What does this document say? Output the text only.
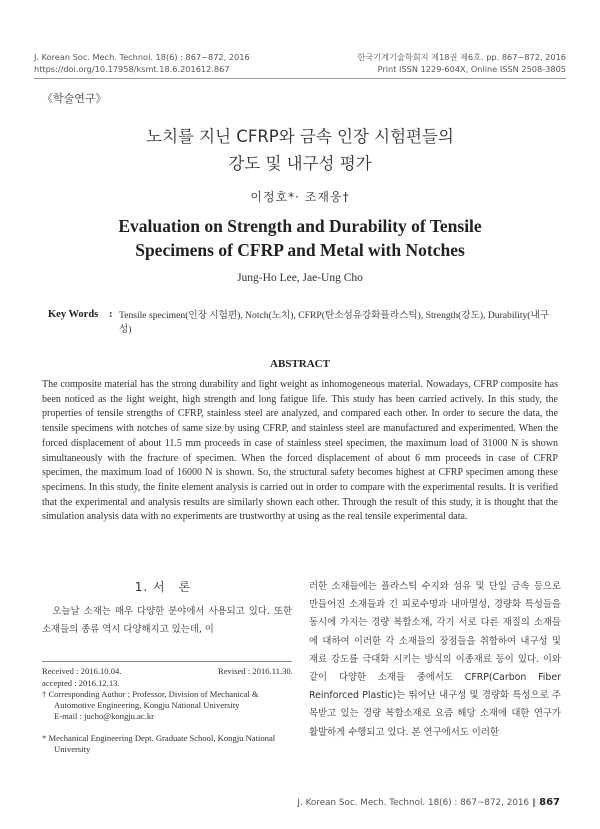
J. Korean Soc. Mech. Technol. 18(6) : 867~872, 2016
https://doi.org/10.17958/ksmt.18.6.201612.867
한국기계기술학회지 제18권 제6호. pp. 867~872, 2016
Print ISSN 1229-604X, Online ISSN 2508-3805
《학술연구》
노치를 지닌 CFRP와 금속 인장 시험편들의
강도 및 내구성 평가
이정호*· 조재웅†
Evaluation on Strength and Durability of Tensile
Specimens of CFRP and Metal with Notches
Jung-Ho Lee, Jae-Ung Cho
Key Words : Tensile specimen(인장 시험편), Notch(노치), CFRP(탄소섬유강화플라스틱), Strength(강도), Durability(내구성)
ABSTRACT
The composite material has the strong durability and light weight as inhomogeneous material. Nowadays, CFRP composite has been noticed as the light weight, high strength and long fatigue life. This study has been carried actively. In this study, the properties of tensile strengths of CFRP, stainless steel are analyzed, and compared each other. In order to secure the data, the tensile specimens with notches of same size by using CFRP, and stainless steel are manufactured and experimented. When the forced displacement of about 11.5 mm proceeds in case of stainless steel specimen, the maximum load of 31000 N is shown simultaneously with the fracture of specimen. When the forced displacement of about 6 mm proceeds in case of CFRP specimen, the maximum load of 16000 N is shown. So, the structural safety becomes highest at CFRP specimen among these specimens. In this study, the finite element analysis is carried out in order to compare with the experimental results. It is verified that the experimental and analysis results are similarly shown each other. Through the result of this study, it is thought that the simulation analysis data with no experiments are trustworthy at using as the real tensile experimental data.
1. 서　론
　오늘날 소재는 매우 다양한 분야에서 사용되고 있다. 또한 소재들의 종류 역시 다양해지고 있는데, 이
Received : 2016.10.04.	Revised : 2016.11.30.
accepted : 2016.12.13.
† Corresponding Author ; Professor, Division of Mechanical &
Automotive Engineering, Kongju National University
E-mail : jucho@kongju.ac.kr
* Mechanical Engineering Dept. Graduate School, Kongju National
University
러한 소재들에는 플라스틱 수지와 섬유 및 단일 금속 등으로 만들어진 소재들과 긴 피로수명과 내마멸성, 경량화 특성들을 동시에 가지는 경량 복합소재, 각기 서로 다른 재질의 소재들에 대하여 이러한 각 소재들의 장점들을 취합하여 내구성 및 재료 강도를 극대화 시키는 방식의 이종재료 등이 있다. 이와 같이 다양한 소재들 중에서도 CFRP(Carbon Fiber Reinforced Plastic)는 뛰어난 내구성 및 경량화 특성으로 주목받고 있는 경량 복합소재로 요즘 해당 소재에 대한 연구가 활발하게 수행되고 있다. 본 연구에서도 이러한
J. Korean Soc. Mech. Technol. 18(6) : 867~872, 2016 ∥ 867
